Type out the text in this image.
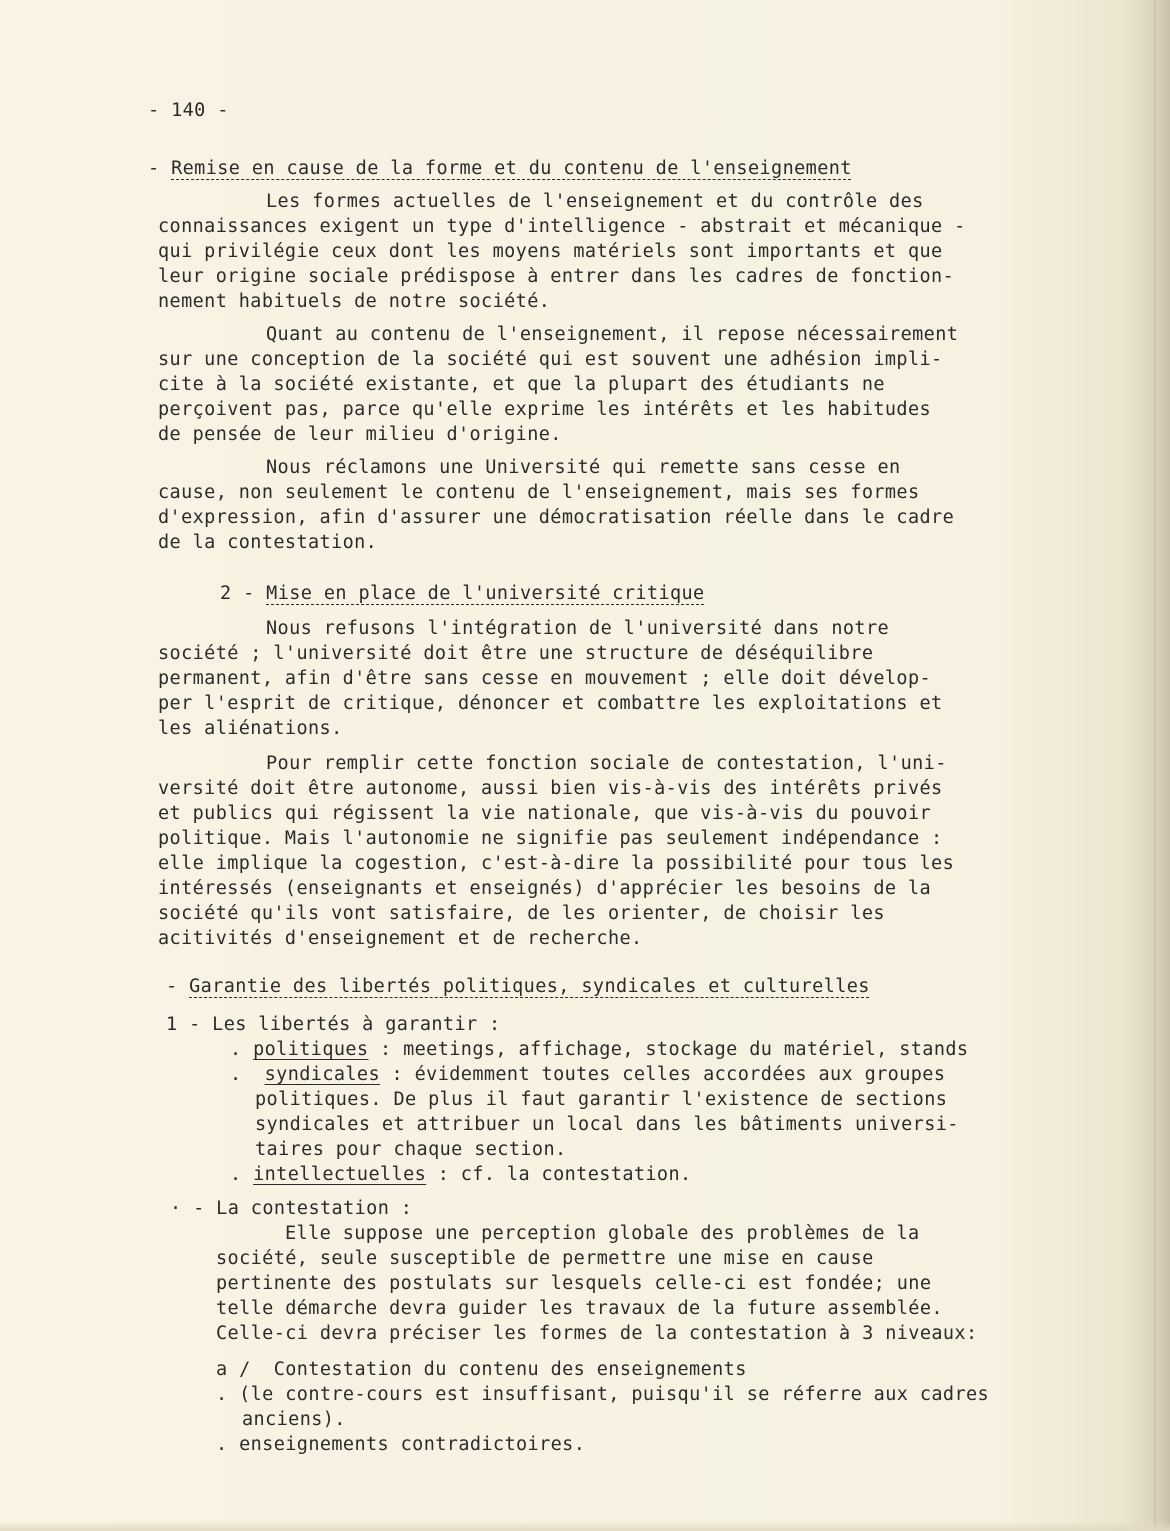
- 140 -
- Remise en cause de la forme et du contenu de l'enseignement
Les formes actuelles de l'enseignement et du contrôle des
connaissances exigent un type d'intelligence - abstrait et mécanique -
qui privilégie ceux dont les moyens matériels sont importants et que
leur origine sociale prédispose à entrer dans les cadres de fonction-
nement habituels de notre société.
Quant au contenu de l'enseignement, il repose nécessairement
sur une conception de la société qui est souvent une adhésion impli-
cite à la société existante, et que la plupart des étudiants ne
perçoivent pas, parce qu'elle exprime les intérêts et les habitudes
de pensée de leur milieu d'origine.
Nous réclamons une Université qui remette sans cesse en
cause, non seulement le contenu de l'enseignement, mais ses formes
d'expression, afin d'assurer une démocratisation réelle dans le cadre
de la contestation.
2 - Mise en place de l'université critique
Nous refusons l'intégration de l'université dans notre
société ; l'université doit être une structure de déséquilibre
permanent, afin d'être sans cesse en mouvement ; elle doit dévelop-
per l'esprit de critique, dénoncer et combattre les exploitations et
les aliénations.
Pour remplir cette fonction sociale de contestation, l'uni-
versité doit être autonome, aussi bien vis-à-vis des intérêts privés
et publics qui régissent la vie nationale, que vis-à-vis du pouvoir
politique. Mais l'autonomie ne signifie pas seulement indépendance :
elle implique la cogestion, c'est-à-dire la possibilité pour tous les
intéressés (enseignants et enseignés) d'apprécier les besoins de la
société qu'ils vont satisfaire, de les orienter, de choisir les
acitivités d'enseignement et de recherche.
- Garantie des libertés politiques, syndicales et culturelles
1 - Les libertés à garantir :
. politiques : meetings, affichage, stockage du matériel, stands
. syndicales : évidemment toutes celles accordées aux groupes
politiques. De plus il faut garantir l'existence de sections
syndicales et attribuer un local dans les bâtiments universi-
taires pour chaque section.
. intellectuelles : cf. la contestation.
· - La contestation :
Elle suppose une perception globale des problèmes de la
société, seule susceptible de permettre une mise en cause
pertinente des postulats sur lesquels celle-ci est fondée; une
telle démarche devra guider les travaux de la future assemblée.
Celle-ci devra préciser les formes de la contestation à 3 niveaux:
a /  Contestation du contenu des enseignements
. (le contre-cours est insuffisant, puisqu'il se réferre aux cadres
anciens).
. enseignements contradictoires.
